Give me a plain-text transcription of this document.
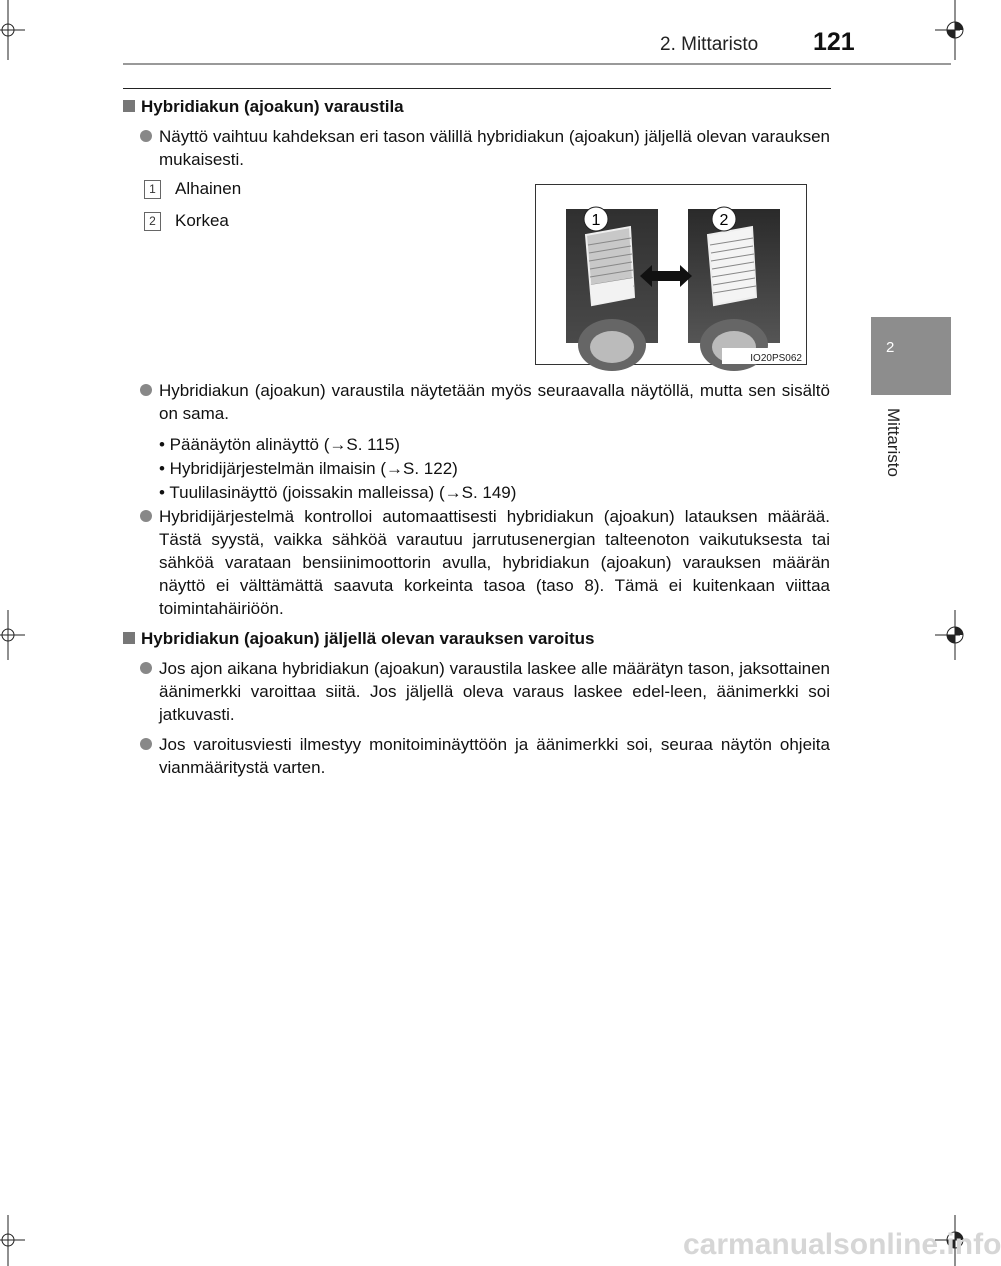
2. Mittaristo 121
2
Mittaristo
Hybridiakun (ajoakun) varaustila
Näyttö vaihtuu kahdeksan eri tason välillä hybridiakun (ajoakun) jäljellä olevan varauksen mukaisesti.
1	Alhainen
2	Korkea	1	2
IO20PS062
Hybridiakun (ajoakun) varaustila näytetään myös seuraavalla näytöllä, mutta sen sisältö on sama.
• Päänäytön alinäyttö (→S. 115)
• Hybridijärjestelmän ilmaisin (→S. 122)
• Tuulilasinäyttö (joissakin malleissa) (→S. 149)
Hybridijärjestelmä kontrolloi automaattisesti hybridiakun (ajoakun) latauksen määrää. Tästä syystä, vaikka sähköä varautuu jarrutusenergian talteenoton vaikutuksesta tai sähköä varataan bensiinimoottorin avulla, hybridiakun (ajoakun) varauksen määrän näyttö ei välttämättä saavuta korkeinta tasoa (taso 8). Tämä ei kuitenkaan viittaa toimintahäiriöön.
Hybridiakun (ajoakun) jäljellä olevan varauksen varoitus
Jos ajon aikana hybridiakun (ajoakun) varaustila laskee alle määrätyn tason, jaksottainen äänimerkki varoittaa siitä. Jos jäljellä oleva varaus laskee edel-leen, äänimerkki soi jatkuvasti.
Jos varoitusviesti ilmestyy monitoiminäyttöön ja äänimerkki soi, seuraa näytön ohjeita vianmääritystä varten.
carmanualsonline.info
